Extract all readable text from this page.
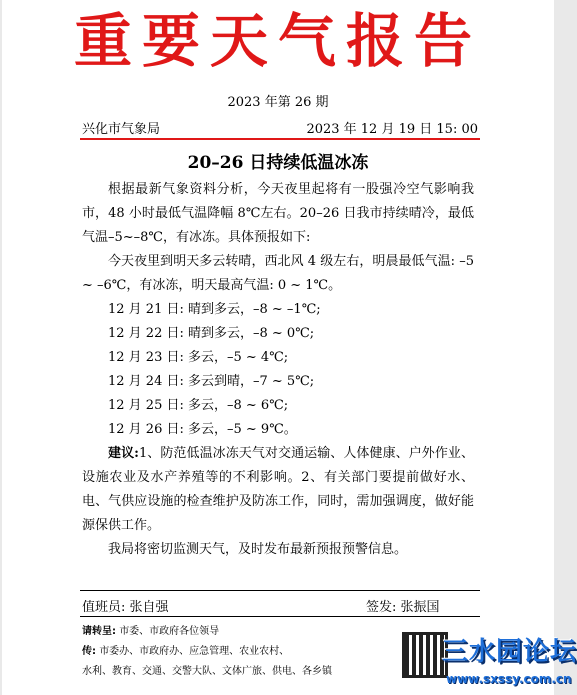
重要天气报告
2023 年第 26 期
兴化市气象局	2023 年 12 月 19 日 15: 00
20–26 日持续低温冰冻

根据最新气象资料分析，今天夜里起将有一股强冷空气影响我市，48 小时最低气温降幅 8℃左右。20–26 日我市持续晴冷，最低气温–5~–8℃，有冰冻。具体预报如下:

今天夜里到明天多云转晴，西北风 4 级左右，明晨最低气温: –5 ~ –6℃，有冰冻，明天最高气温: 0 ~ 1℃。

12 月 21 日: 晴到多云，–8 ~ –1℃;

12 月 22 日: 晴到多云，–8 ~ 0℃;

12 月 23 日: 多云，–5 ~ 4℃;

12 月 24 日: 多云到晴，–7 ~ 5℃;

12 月 25 日: 多云，–8 ~ 6℃;

12 月 26 日: 多云，–5 ~ 9℃。

建议:1、防范低温冰冻天气对交通运输、人体健康、户外作业、设施农业及水产养殖等的不利影响。2、有关部门要提前做好水、电、气供应设施的检查维护及防冻工作，同时，需加强调度，做好能源保供工作。

我局将密切监测天气，及时发布最新预报预警信息。

值班员: 张自强	签发: 张振国
请转呈: 市委、市政府各位领导
传: 市委办、市政府办、应急管理、农业农村、
水利、教育、交通、交警大队、文体广旅、供电、各乡镇
三水园论坛
www.sxssy.com.cn
